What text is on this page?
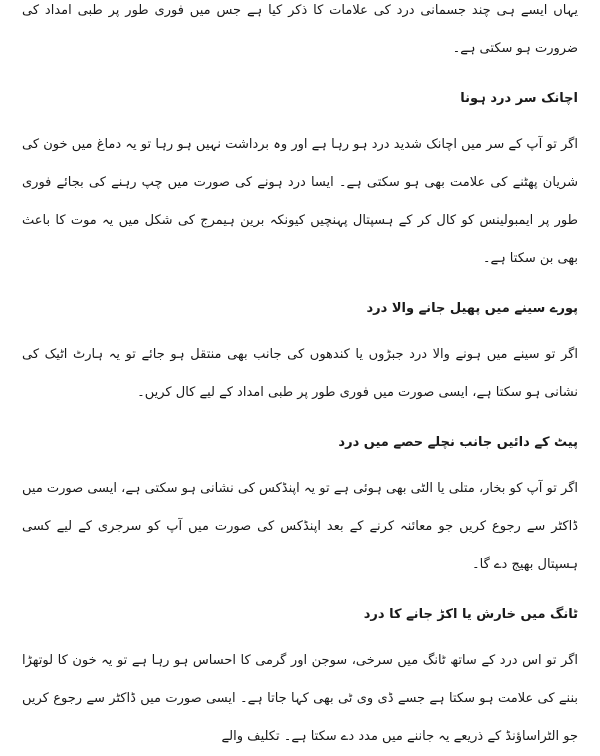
یہاں ایسے ہی چند جسمانی درد کی علامات کا ذکر کیا ہے جس میں فوری طور پر طبی امداد کی ضرورت ہو سکتی ہے۔

اچانک سر درد ہونا

اگر تو آپ کے سر میں اچانک شدید درد ہو رہا ہے اور وہ برداشت نہیں ہو رہا تو یہ دماغ میں خون کی شریان پھٹنے کی علامت بھی ہو سکتی ہے۔ ایسا درد ہونے کی صورت میں چپ رہنے کی بجائے فوری طور پر ایمبولینس کو کال کر کے ہسپتال پہنچیں کیونکہ برین ہیمرج کی شکل میں یہ موت کا باعث بھی بن سکتا ہے۔

پورے سینے میں پھیل جانے والا درد

اگر تو سینے میں ہونے والا درد جبڑوں یا کندھوں کی جانب بھی منتقل ہو جائے تو یہ ہارٹ اٹیک کی نشانی ہو سکتا ہے، ایسی صورت میں فوری طور پر طبی امداد کے لیے کال کریں۔

پیٹ کے دائیں جانب نچلے حصے میں درد

اگر تو آپ کو بخار، متلی یا الٹی بھی ہوئی ہے تو یہ اپنڈکس کی نشانی ہو سکتی ہے، ایسی صورت میں ڈاکٹر سے رجوع کریں جو معائنہ کرنے کے بعد اپنڈکس کی صورت میں آپ کو سرجری کے لیے کسی ہسپتال بھیج دے گا۔

ٹانگ میں خارش یا اکڑ جانے کا درد

اگر تو اس درد کے ساتھ ٹانگ میں سرخی، سوجن اور گرمی کا احساس ہو رہا ہے تو یہ خون کا لوتھڑا بننے کی علامت ہو سکتا ہے جسے ڈی وی ٹی بھی کہا جاتا ہے۔ ایسی صورت میں ڈاکٹر سے رجوع کریں جو الٹراساؤنڈ کے ذریعے یہ جاننے میں مدد دے سکتا ہے۔ تکلیف والے
